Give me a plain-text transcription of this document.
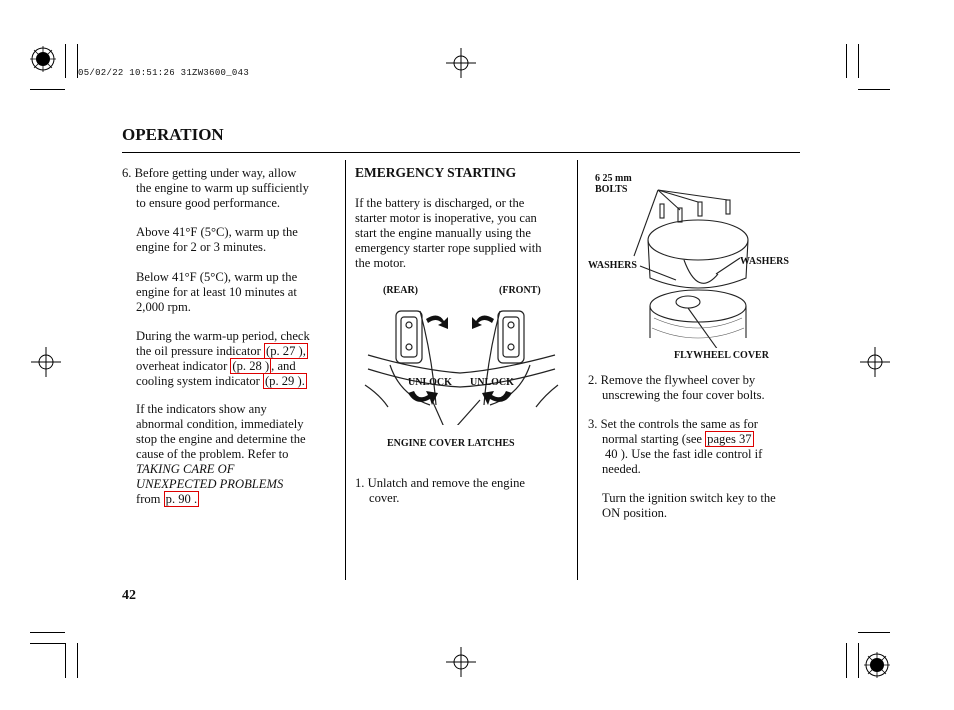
05/02/22 10:51:26 31ZW3600_043
OPERATION
6. Before getting under way, allow
the engine to warm up sufficiently
to ensure good performance.
Above 41°F (5°C), warm up the
engine for 2 or 3 minutes.
Below 41°F (5°C), warm up the
engine for at least 10 minutes at
2,000 rpm.
During the warm-up period, check
the oil pressure indicator (p. 27 ),
overheat indicator (p. 28 ) , and
cooling system indicator (p. 29 ).
If the indicators show any
abnormal condition, immediately
stop the engine and determine the
cause of the problem. Refer to
TAKING CARE OF
UNEXPECTED PROBLEMS
from p. 90 .
EMERGENCY STARTING
If the battery is discharged, or the
starter motor is inoperative, you can
start the engine manually using the
emergency starter rope supplied with
the motor.
(REAR)	(FRONT)
UNLOCK UNLOCK
ENGINE COVER LATCHES
1. Unlatch and remove the engine
cover.
6 25 mm
BOLTS
WASHERS	WASHERS
FLYWHEEL COVER
2. Remove the flywheel cover by
unscrewing the four cover bolts.
3. Set the controls the same as for
normal starting (see pages 37
40 ). Use the fast idle control if
needed.
Turn the ignition switch key to the
ON position.
42
